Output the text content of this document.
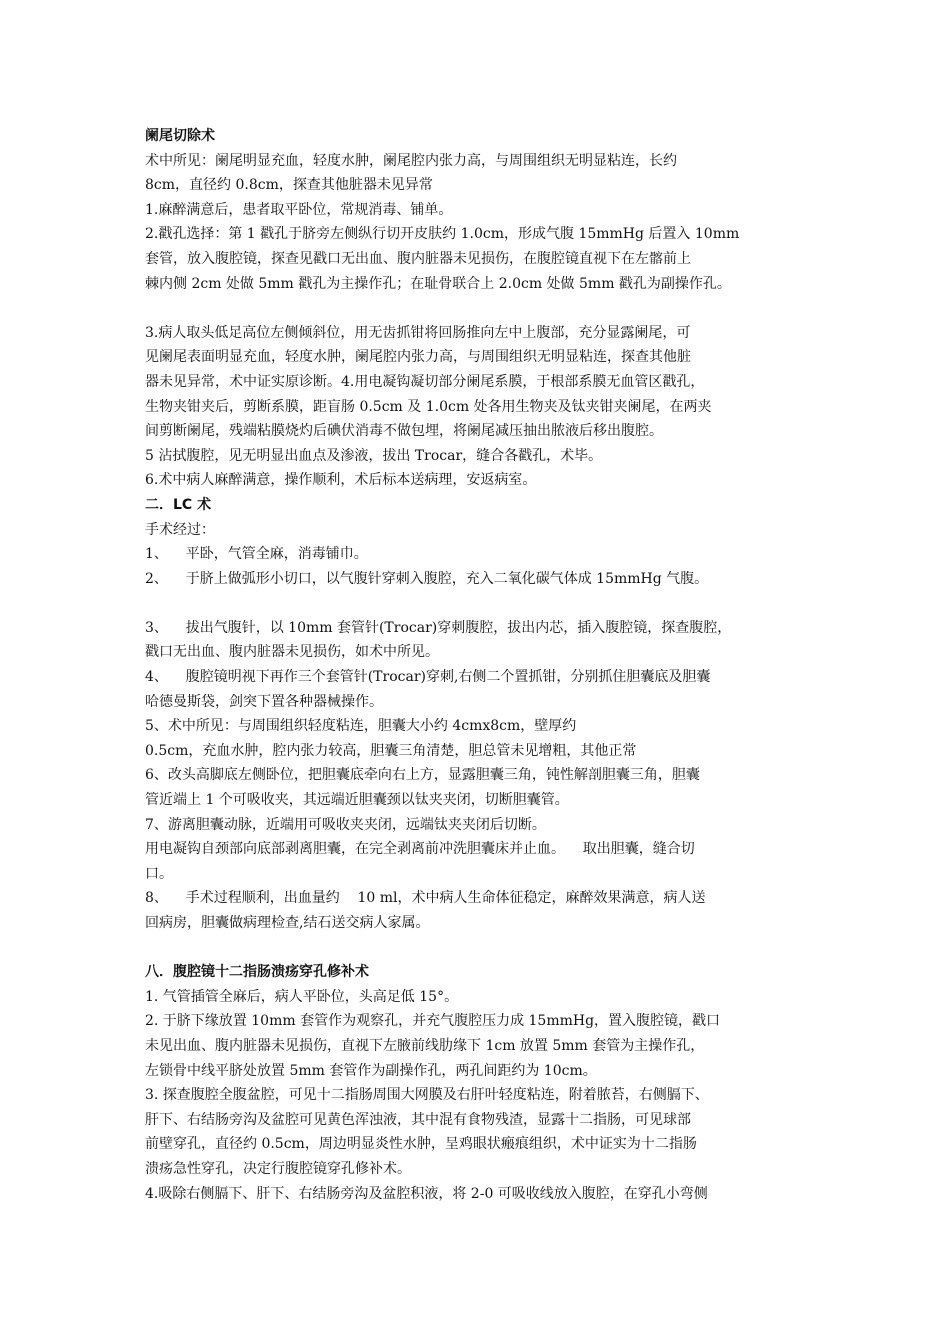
阑尾切除术
术中所见：阑尾明显充血，轻度水肿，阑尾腔内张力高，与周围组织无明显粘连，长约
8cm，直径约 0.8cm，探查其他脏器未见异常
1.麻醉满意后，患者取平卧位，常规消毒、铺单。
2.戳孔选择：第 1 戳孔于脐旁左侧纵行切开皮肤约 1.0cm，形成气腹 15mmHg 后置入 10mm
套管，放入腹腔镜，探查见戳口无出血、腹内脏器未见损伤，在腹腔镜直视下在左髂前上
棘内侧 2cm 处做 5mm 戳孔为主操作孔；在耻骨联合上 2.0cm 处做 5mm 戳孔为副操作孔。
3.病人取头低足高位左侧倾斜位，用无齿抓钳将回肠推向左中上腹部，充分显露阑尾，可
见阑尾表面明显充血，轻度水肿，阑尾腔内张力高，与周围组织无明显粘连，探查其他脏
器未见异常，术中证实原诊断。4.用电凝钩凝切部分阑尾系膜，于根部系膜无血管区戳孔，
生物夹钳夹后，剪断系膜，距盲肠 0.5cm 及 1.0cm 处各用生物夹及钛夹钳夹阑尾，在两夹
间剪断阑尾，残端粘膜烧灼后碘伏消毒不做包埋，将阑尾减压抽出脓液后移出腹腔。
5 沾拭腹腔，见无明显出血点及渗液，拔出 Trocar，缝合各戳孔，术毕。
6.术中病人麻醉满意，操作顺利，术后标本送病理，安返病室。
二．LC 术
手术经过：
1、    平卧，气管全麻，消毒铺巾。
2、    于脐上做弧形小切口，以气腹针穿刺入腹腔，充入二氧化碳气体成 15mmHg 气腹。
3、    拔出气腹针，以 10mm 套管针(Trocar)穿刺腹腔，拔出内芯，插入腹腔镜，探查腹腔，
戳口无出血、腹内脏器未见损伤，如术中所见。
4、    腹腔镜明视下再作三个套管针(Trocar)穿刺,右侧二个置抓钳，分别抓住胆囊底及胆囊
哈德曼斯袋，剑突下置各种器械操作。
5、术中所见：与周围组织轻度粘连，胆囊大小约 4cmx8cm，壁厚约
0.5cm，充血水肿，腔内张力较高，胆囊三角清楚，胆总管未见增粗，其他正常
6、改头高脚底左侧卧位，把胆囊底牵向右上方，显露胆囊三角，钝性解剖胆囊三角，胆囊
管近端上 1 个可吸收夹，其远端近胆囊颈以钛夹夹闭，切断胆囊管。
7、游离胆囊动脉，近端用可吸收夹夹闭，远端钛夹夹闭后切断。
用电凝钩自颈部向底部剥离胆囊，在完全剥离前冲洗胆囊床并止血。    取出胆囊，缝合切
口。
8、    手术过程顺利，出血量约    10 ml，术中病人生命体征稳定，麻醉效果满意，病人送
回病房，胆囊做病理检查,结石送交病人家属。
八．腹腔镜十二指肠溃疡穿孔修补术
1. 气管插管全麻后，病人平卧位，头高足低 15°。
2. 于脐下缘放置 10mm 套管作为观察孔，并充气腹腔压力成 15mmHg，置入腹腔镜，戳口
未见出血、腹内脏器未见损伤，直视下左腋前线肋缘下 1cm 放置 5mm 套管为主操作孔，
左锁骨中线平脐处放置 5mm 套管作为副操作孔，两孔间距约为 10cm。
3. 探查腹腔全腹盆腔，可见十二指肠周围大网膜及右肝叶轻度粘连，附着脓苔，右侧膈下、
肝下、右结肠旁沟及盆腔可见黄色浑浊液，其中混有食物残渣，显露十二指肠，可见球部
前壁穿孔，直径约 0.5cm，周边明显炎性水肿，呈鸡眼状瘢痕组织，术中证实为十二指肠
溃疡急性穿孔，决定行腹腔镜穿孔修补术。
4.吸除右侧膈下、肝下、右结肠旁沟及盆腔积液，将 2-0 可吸收线放入腹腔，在穿孔小弯侧
